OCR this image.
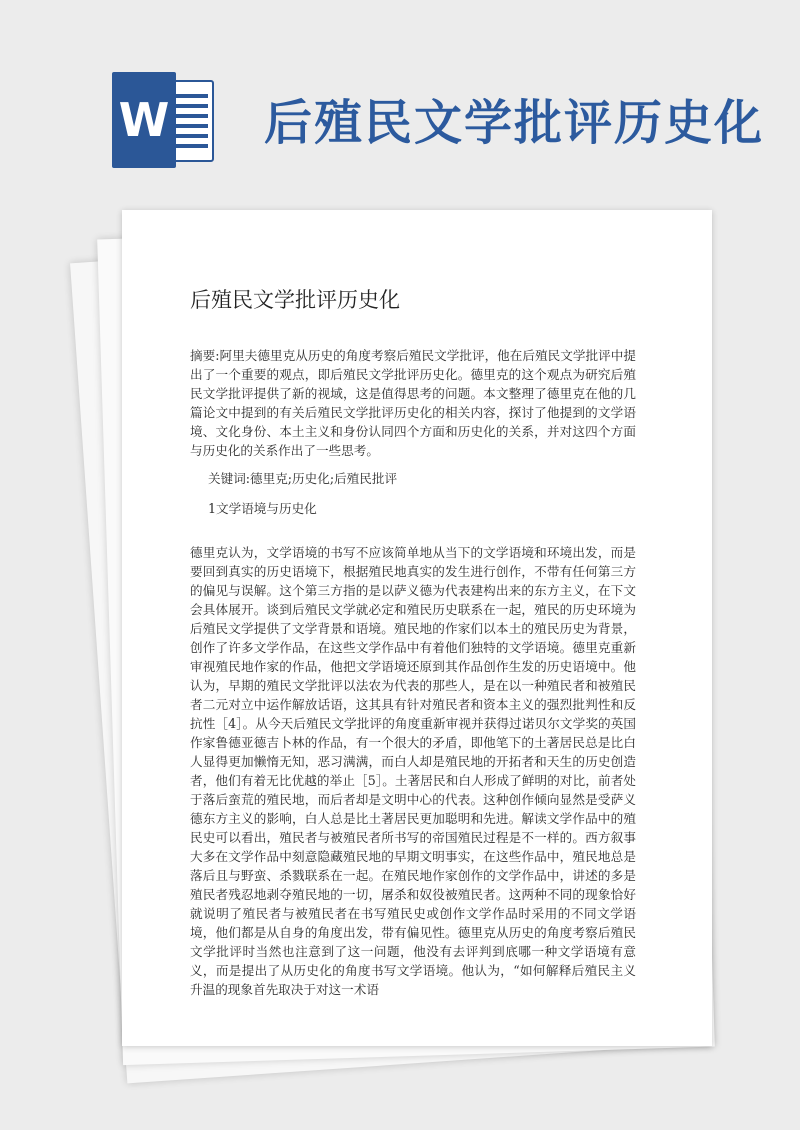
W 后殖民文学批评历史化
后殖民文学批评历史化
摘要:阿里夫德里克从历史的角度考察后殖民文学批评，他在后殖民文学批评中提出了一个重要的观点，即后殖民文学批评历史化。德里克的这个观点为研究后殖民文学批评提供了新的视域，这是值得思考的问题。本文整理了德里克在他的几篇论文中提到的有关后殖民文学批评历史化的相关内容，探讨了他提到的文学语境、文化身份、本土主义和身份认同四个方面和历史化的关系，并对这四个方面与历史化的关系作出了一些思考。
关键词:德里克;历史化;后殖民批评
1文学语境与历史化
德里克认为，文学语境的书写不应该简单地从当下的文学语境和环境出发，而是要回到真实的历史语境下，根据殖民地真实的发生进行创作，不带有任何第三方的偏见与误解。这个第三方指的是以萨义德为代表建构出来的东方主义，在下文会具体展开。谈到后殖民文学就必定和殖民历史联系在一起，殖民的历史环境为后殖民文学提供了文学背景和语境。殖民地的作家们以本土的殖民历史为背景，创作了许多文学作品，在这些文学作品中有着他们独特的文学语境。德里克重新审视殖民地作家的作品，他把文学语境还原到其作品创作生发的历史语境中。他认为，早期的殖民文学批评以法农为代表的那些人，是在以一种殖民者和被殖民者二元对立中运作解放话语，这其具有针对殖民者和资本主义的强烈批判性和反抗性［4］。从今天后殖民文学批评的角度重新审视并获得过诺贝尔文学奖的英国作家鲁德亚德吉卜林的作品，有一个很大的矛盾，即他笔下的土著居民总是比白人显得更加懒惰无知，恶习满满，而白人却是殖民地的开拓者和天生的历史创造者，他们有着无比优越的举止［5］。土著居民和白人形成了鲜明的对比，前者处于落后蛮荒的殖民地，而后者却是文明中心的代表。这种创作倾向显然是受萨义德东方主义的影响，白人总是比土著居民更加聪明和先进。解读文学作品中的殖民史可以看出，殖民者与被殖民者所书写的帝国殖民过程是不一样的。西方叙事大多在文学作品中刻意隐藏殖民地的早期文明事实，在这些作品中，殖民地总是落后且与野蛮、杀戮联系在一起。在殖民地作家创作的文学作品中，讲述的多是殖民者残忍地剥夺殖民地的一切，屠杀和奴役被殖民者。这两种不同的现象恰好就说明了殖民者与被殖民者在书写殖民史或创作文学作品时采用的不同文学语境，他们都是从自身的角度出发，带有偏见性。德里克从历史的角度考察后殖民文学批评时当然也注意到了这一问题，他没有去评判到底哪一种文学语境有意义，而是提出了从历史化的角度书写文学语境。他认为，“如何解释后殖民主义升温的现象首先取决于对这一术语
